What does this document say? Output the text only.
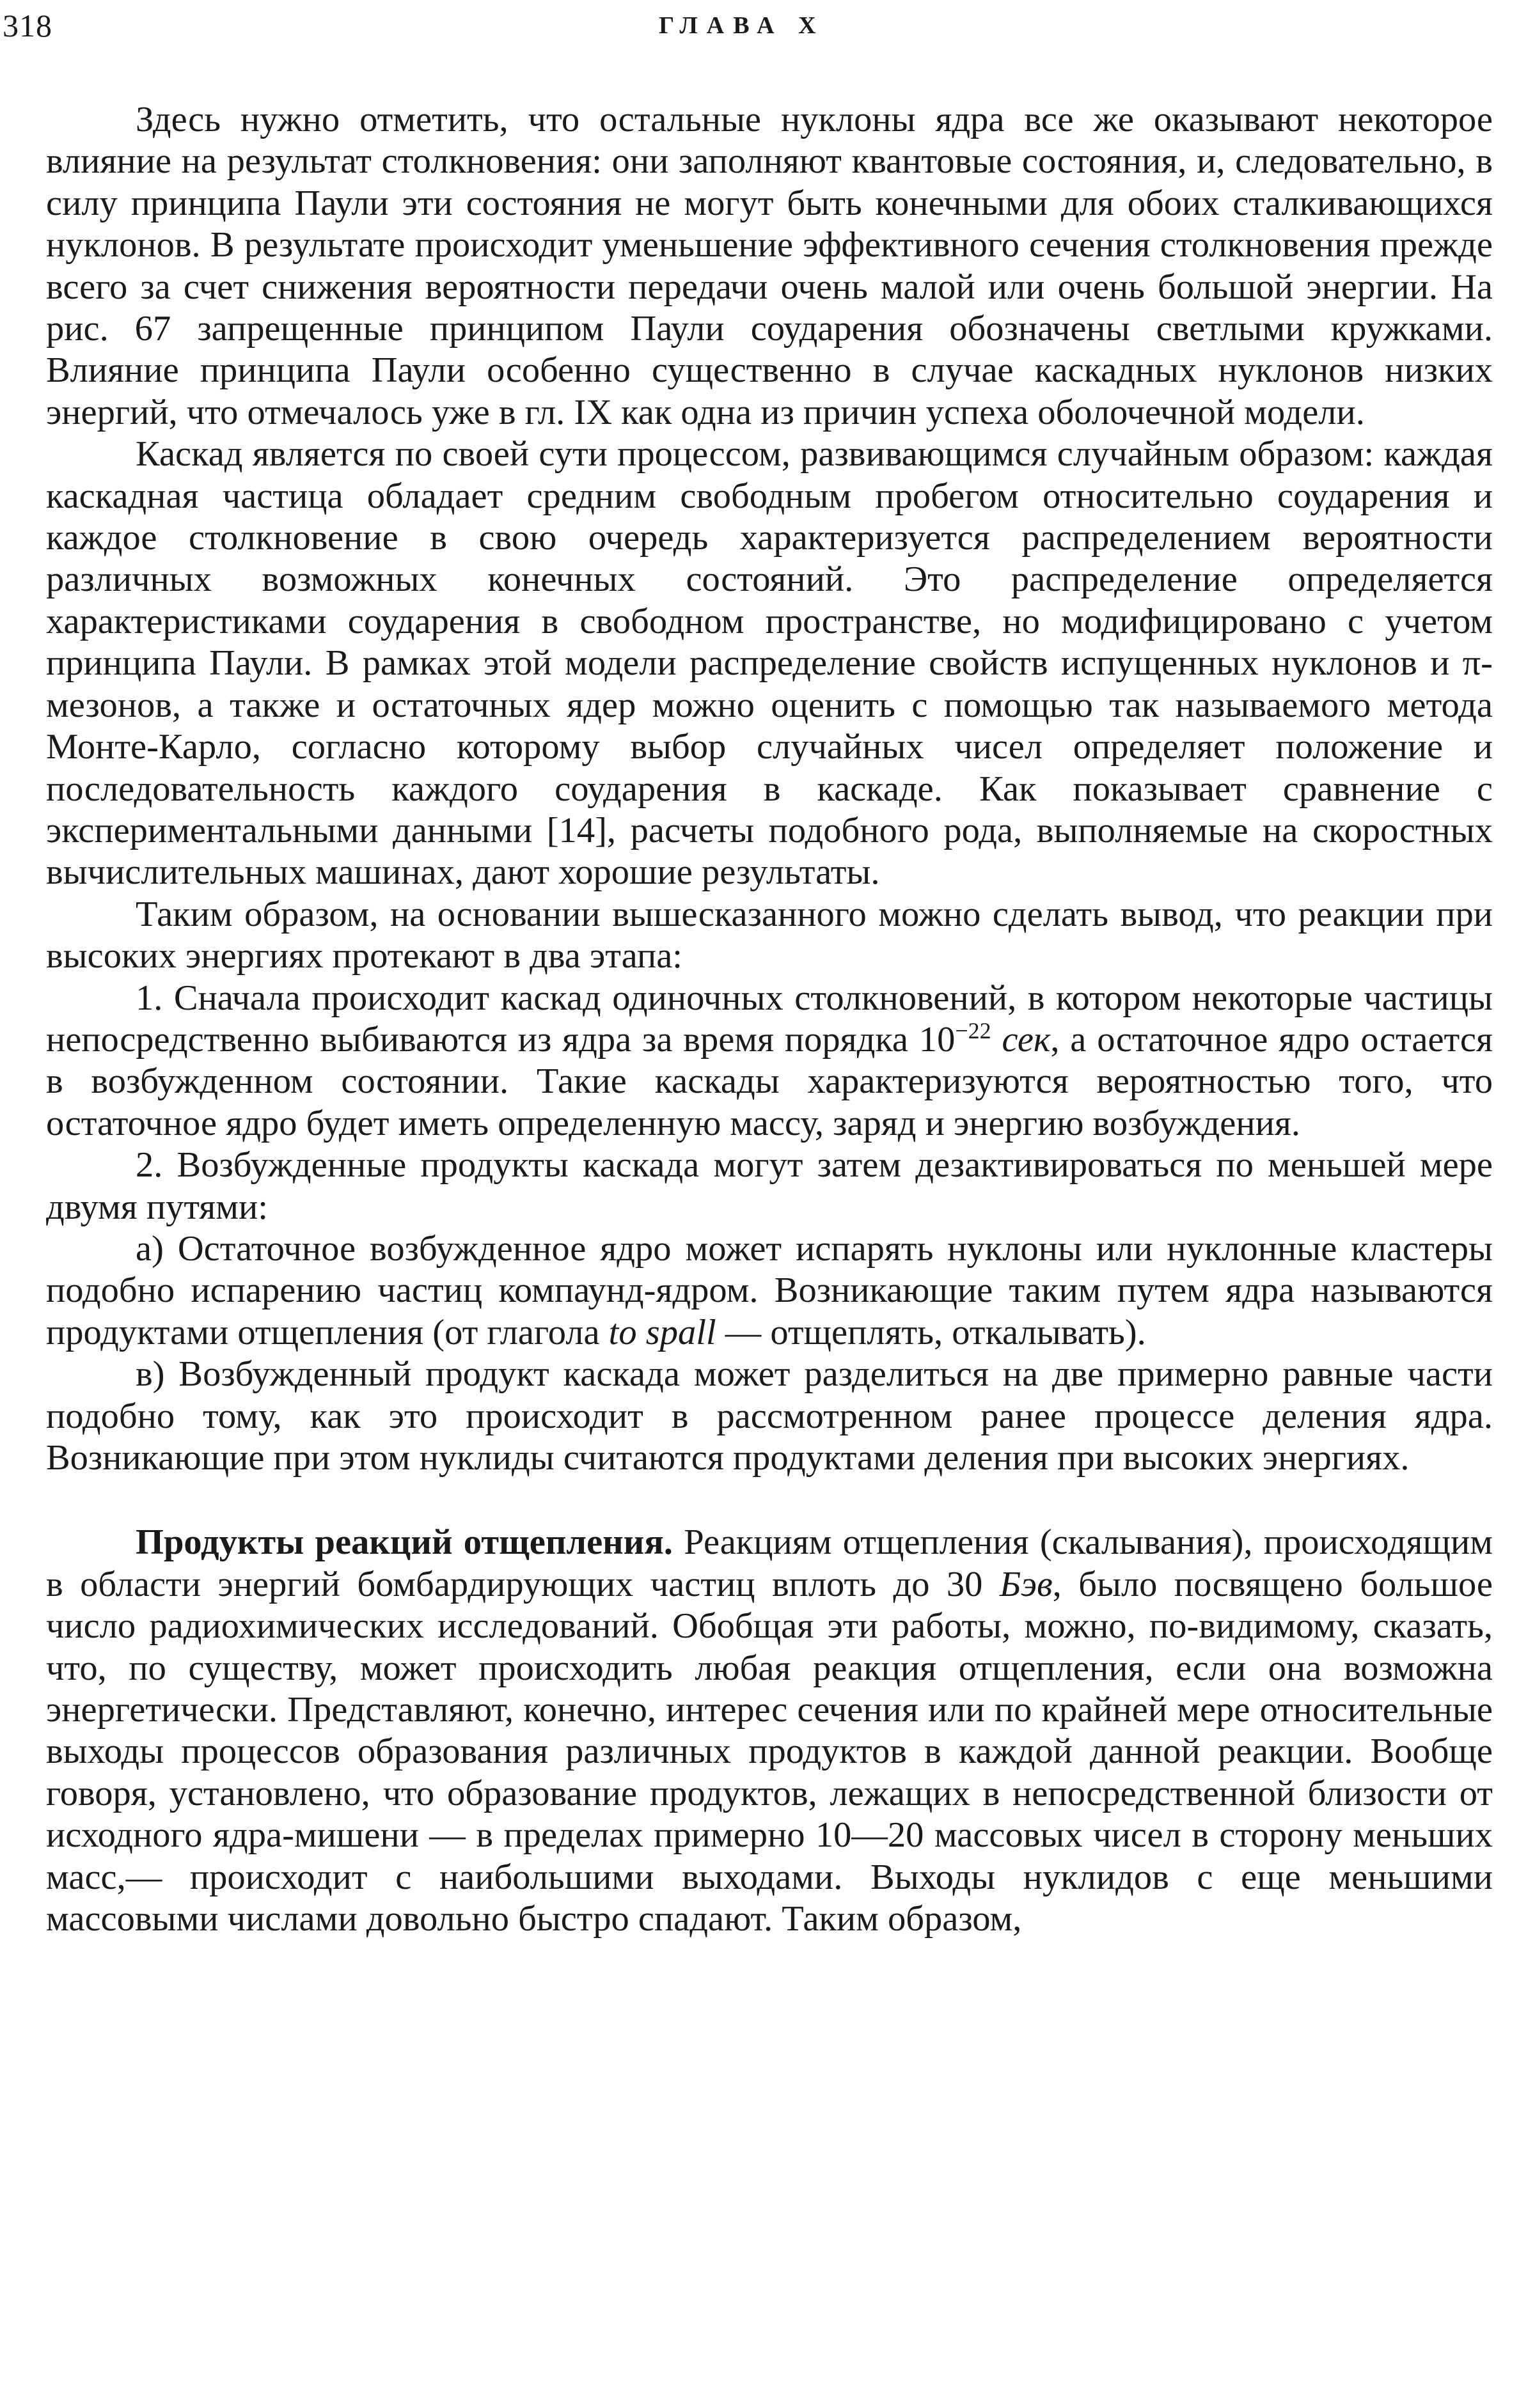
318	ГЛАВА X

Здесь нужно отметить, что остальные нуклоны ядра все же оказывают некоторое влияние на результат столкновения: они заполняют квантовые состояния, и, следовательно, в силу принципа Паули эти состояния не могут быть конечными для обоих сталкивающихся нуклонов. В результате происходит уменьшение эффективного сечения столкновения прежде всего за счет снижения вероятности передачи очень малой или очень большой энергии. На рис. 67 запрещенные принципом Паули соударения обозначены светлыми кружками. Влияние принципа Паули особенно существенно в случае каскадных нуклонов низких энергий, что отмечалось уже в гл. IX как одна из причин успеха оболочечной модели.

Каскад является по своей сути процессом, развивающимся случайным образом: каждая каскадная частица обладает средним свободным пробегом относительно соударения и каждое столкновение в свою очередь характеризуется распределением вероятности различных возможных конечных состояний. Это распределение определяется характеристиками соударения в свободном пространстве, но модифицировано с учетом принципа Паули. В рамках этой модели распределение свойств испущенных нуклонов и π-мезонов, а также и остаточных ядер можно оценить с помощью так называемого метода Монте-Карло, согласно которому выбор случайных чисел определяет положение и последовательность каждого соударения в каскаде. Как показывает сравнение с экспериментальными данными [14], расчеты подобного рода, выполняемые на скоростных вычислительных машинах, дают хорошие результаты.

Таким образом, на основании вышесказанного можно сделать вывод, что реакции при высоких энергиях протекают в два этапа:

1. Сначала происходит каскад одиночных столкновений, в котором некоторые частицы непосредственно выбиваются из ядра за время порядка $10^{-22}$ сек, а остаточное ядро остается в возбужденном состоянии. Такие каскады характеризуются вероятностью того, что остаточное ядро будет иметь определенную массу, заряд и энергию возбуждения.

2. Возбужденные продукты каскада могут затем дезактивироваться по меньшей мере двумя путями:

а) Остаточное возбужденное ядро может испарять нуклоны или нуклонные кластеры подобно испарению частиц компаунд-ядром. Возникающие таким путем ядра называются продуктами отщепления (от глагола to spall — отщеплять, откалывать).

в) Возбужденный продукт каскада может разделиться на две примерно равные части подобно тому, как это происходит в рассмотренном ранее процессе деления ядра. Возникающие при этом нуклиды считаются продуктами деления при высоких энергиях.

Продукты реакций отщепления. Реакциям отщепления (скалывания), происходящим в области энергий бомбардирующих частиц вплоть до 30 Бэв, было посвящено большое число радиохимических исследований. Обобщая эти работы, можно, по-видимому, сказать, что, по существу, может происходить любая реакция отщепления, если она возможна энергетически. Представляют, конечно, интерес сечения или по крайней мере относительные выходы процессов образования различных продуктов в каждой данной реакции. Вообще говоря, установлено, что образование продуктов, лежащих в непосредственной близости от исходного ядра-мишени — в пределах примерно 10—20 массовых чисел в сторону меньших масс,— происходит с наибольшими выходами. Выходы нуклидов с еще меньшими массовыми числами довольно быстро спадают. Таким образом,
